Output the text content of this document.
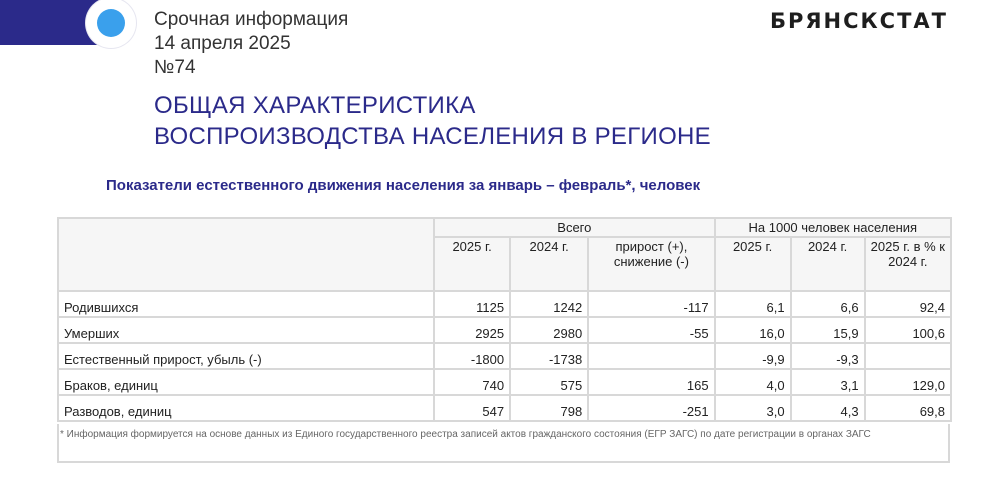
Срочная информация
14 апреля 2025
№74
БРЯНСКСТАТ
ОБЩАЯ ХАРАКТЕРИСТИКА
ВОСПРОИЗВОДСТВА НАСЕЛЕНИЯ В РЕГИОНЕ
Показатели естественного движения населения за январь – февраль*, человек
	Всего			На 1000 человек населения		
	2025 г.	2024 г.	прирост (+), снижение (-)	2025 г.	2024 г.	2025 г. в % к 2024 г.
Родившихся	1125	1242	-117	6,1	6,6	92,4
Умерших	2925	2980	-55	16,0	15,9	100,6
Естественный прирост, убыль (-)	-1800	-1738		-9,9	-9,3	
Браков, единиц	740	575	165	4,0	3,1	129,0
Разводов, единиц	547	798	-251	3,0	4,3	69,8
* Информация формируется на основе данных из Единого государственного реестра записей актов гражданского состояния (ЕГР ЗАГС) по дате регистрации в органах ЗАГС
